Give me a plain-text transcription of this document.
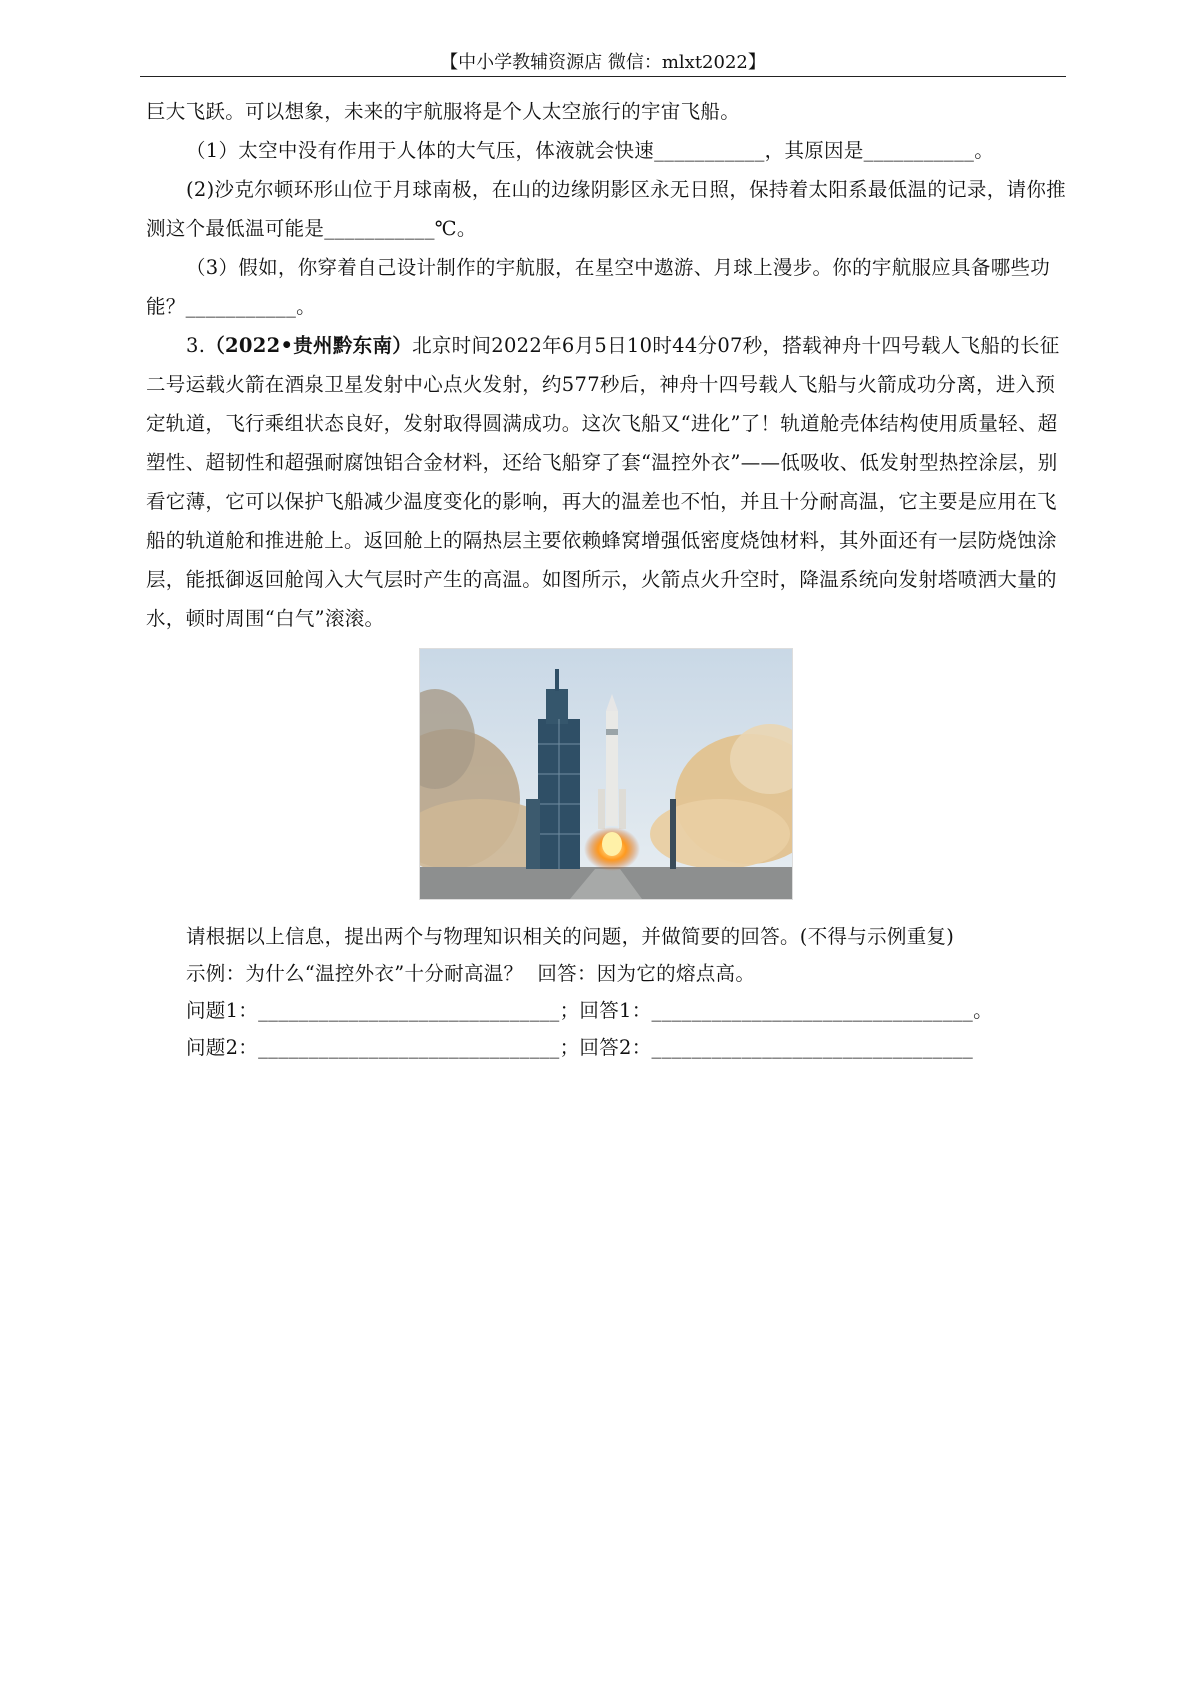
【中小学教辅资源店 微信：mlxt2022】

巨大飞跃。可以想象，未来的宇航服将是个人太空旅行的宇宙飞船。

（1）太空中没有作用于人体的大气压，体液就会快速___________，其原因是___________。

(2)沙克尔顿环形山位于月球南极，在山的边缘阴影区永无日照，保持着太阳系最低温的记录，请你推测这个最低温可能是___________℃。

（3）假如，你穿着自己设计制作的宇航服，在星空中遨游、月球上漫步。你的宇航服应具备哪些功能？___________。

3.（2022•贵州黔东南）北京时间2022年6月5日10时44分07秒，搭载神舟十四号载人飞船的长征二号运载火箭在酒泉卫星发射中心点火发射，约577秒后，神舟十四号载人飞船与火箭成功分离，进入预定轨道，飞行乘组状态良好，发射取得圆满成功。这次飞船又“进化”了！轨道舱壳体结构使用质量轻、超塑性、超韧性和超强耐腐蚀铝合金材料，还给飞船穿了套“温控外衣”——低吸收、低发射型热控涂层，别看它薄，它可以保护飞船减少温度变化的影响，再大的温差也不怕，并且十分耐高温，它主要是应用在飞船的轨道舱和推进舱上。返回舱上的隔热层主要依赖蜂窝增强低密度烧蚀材料，其外面还有一层防烧蚀涂层，能抵御返回舱闯入大气层时产生的高温。如图所示，火箭点火升空时，降温系统向发射塔喷洒大量的水，顿时周围“白气”滚滚。

请根据以上信息，提出两个与物理知识相关的问题，并做简要的回答。(不得与示例重复)

示例：为什么“温控外衣”十分耐高温？ 回答：因为它的熔点高。

问题1：______________________________；回答1：________________________________。

问题2：______________________________；回答2：________________________________
